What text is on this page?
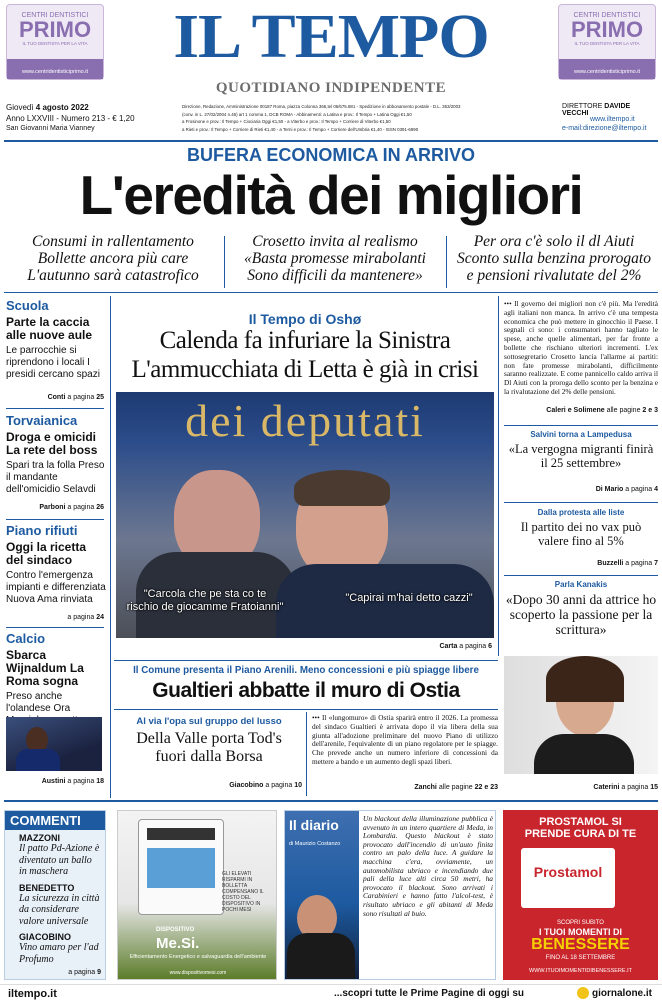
CENTRI DENTISTICI
PRIMO
IL TUO DENTISTA PER LA VITA
www.centridentisticiprimo.it
CENTRI DENTISTICI
PRIMO
IL TUO DENTISTA PER LA VITA
www.centridentisticiprimo.it
IL TEMPO
QUOTIDIANO INDIPENDENTE
Giovedì 4 agosto 2022
Anno LXXVIII - Numero 213 - € 1,20
San Giovanni Maria Vianney
Direzione, Redazione, Amministrazione 00187 Roma, piazza Colonna 366,tel 06/675.881 - Spedizione in abbonamento postale - D.L. 353/2003
(conv. in L. 27/02/2004 n.46) art 1 comma 1, DCB ROMA - Abbinamenti: a Latina e prov.: Il Tempo + Latina Oggi €1,50
a Frosinone e prov.: Il Tempo + Ciociaria Oggi €1,50 - a Viterbo e prov.: Il Tempo + Corriere di Viterbo €1,50
a Rieti e prov.: Il Tempo + Corriere di Rieti €1,40 - a Terni e prov.: Il Tempo + Corriere dell'Umbria €1,40 - ISSN 0391-6990
DIRETTORE DAVIDE VECCHI
www.iltempo.it
e-mail:direzione@iltempo.it
BUFERA ECONOMICA IN ARRIVO
L'eredità dei migliori
Consumi in rallentamento
Bollette ancora più care
L'autunno sarà catastrofico
Crosetto invita al realismo
«Basta promesse mirabolanti
Sono difficili da mantenere»
Per ora c'è solo il dl Aiuti
Sconto sulla benzina prorogato
e pensioni rivalutate del 2%
Scuola
Parte la caccia alle nuove aule
Le parrocchie si riprendono i locali I presidi cercano spazi
Conti a pagina 25
Torvaianica
Droga e omicidi La rete del boss
Spari tra la folla Preso il mandante dell'omicidio Selavdi
Parboni a pagina 26
Piano rifiuti
Oggi la ricetta del sindaco
Contro l'emergenza impianti e differenziata Nuova Ama rinviata
a pagina 24
Calcio
Sbarca Wijnaldum La Roma sogna
Preso anche l'olandese Ora
Austini a pagina 18
Il Tempo di Oshø
Calenda fa infuriare la Sinistra
L'ammucchiata di Letta è già in crisi
dei deputati
"Carcola che pe sta co te
rischio de giocamme Fratoianni"
"Capirai m'hai detto cazzi"
Carta a pagina 6
••• Il governo dei migliori non c'è più. Ma l'eredità agli italiani non manca. In arrivo c'è una tempesta economica che può mettere in ginocchio il Paese. I segnali ci sono: i consumatori hanno tagliato le spese, anche quelle alimentari, per far fronte a bollette che rischiano ulteriori incrementi. L'ex sottosegretario Crosetto lancia l'allarme ai partiti: non fate promesse mirabolanti, difficilmente saranno realizzate. E come pannicello caldo arriva il Dl Aiuti con la proroga dello sconto per la benzina e la rivalutazione del 2% delle pensioni.
Caleri e Solimene alle pagine 2 e 3
Salvini torna a Lampedusa
«La vergogna migranti finirà il 25 settembre»
Di Mario a pagina 4
Dalla protesta alle liste
Il partito dei no vax può valere fino al 5%
Buzzelli a pagina 7
Parla Kanakis
«Dopo 30 anni da attrice ho scoperto la passione per la scrittura»
Caterini a pagina 15
Il Comune presenta il Piano Arenili. Meno concessioni e più spiagge libere
Gualtieri abbatte il muro di Ostia
Al via l'opa sul gruppo del lusso
Della Valle porta Tod's
fuori dalla Borsa
Giacobino a pagina 10
••• Il «lungomuro» di Ostia sparirà entro il 2026. La promessa del sindaco Gualtieri è arrivata dopo il via libera della sua giunta all'adozione preliminare del nuovo Piano di utilizzo dell'arenile, l'equivalente di un piano regolatore per le spiagge. Che prevede anche un numero inferiore di concessioni da mettere a bando e un aumento degli spazi liberi.
Zanchi alle pagine 22 e 23
COMMENTI
MAZZONI
Il patto Pd-Azione è diventato un ballo in maschera
BENEDETTO
La sicurezza in città da considerare valore universale
GIACOBINO
Vino amaro per l'ad Profumo
a pagina 9
GLI ELEVATI RISPARMI IN BOLLETTA COMPENSANO IL COSTO DEL DISPOSITIVO IN POCHI MESI
DISPOSITIVO
Me.Si.
Efficientamento Energetico e salvaguardia dell'ambiente
www.dispositivomesi.com
Il diario
di Maurizio Costanzo
Un blackout della illuminazione pubblica è avvenuto in un intero quartiere di Meda, in Lombardia. Questo blackout è stato provocato dall'incendio di un'auto finita contro un palo della luce. A guidare la macchina c'era, ovviamente, un automobilista ubriaco e incendiando due pali della luce alti circa 50 metri, ha provocato il blackout. Sono arrivati i Carabinieri e hanno fatto l'alcol-test, è risultato ubriaco e gli abitanti di Meda sono risultati al buio.
PROSTAMOL SI
PRENDE CURA DI TE
Prostamol
SCOPRI SUBITO
I TUOI MOMENTI DI
BENESSERE
FINO AL 18 SETTEMBRE
WWW.ITUOIMOMENTIDIBENESSERE.IT
iltempo.it	...scopri tutte le Prime Pagine di oggi su	giornalone.it
